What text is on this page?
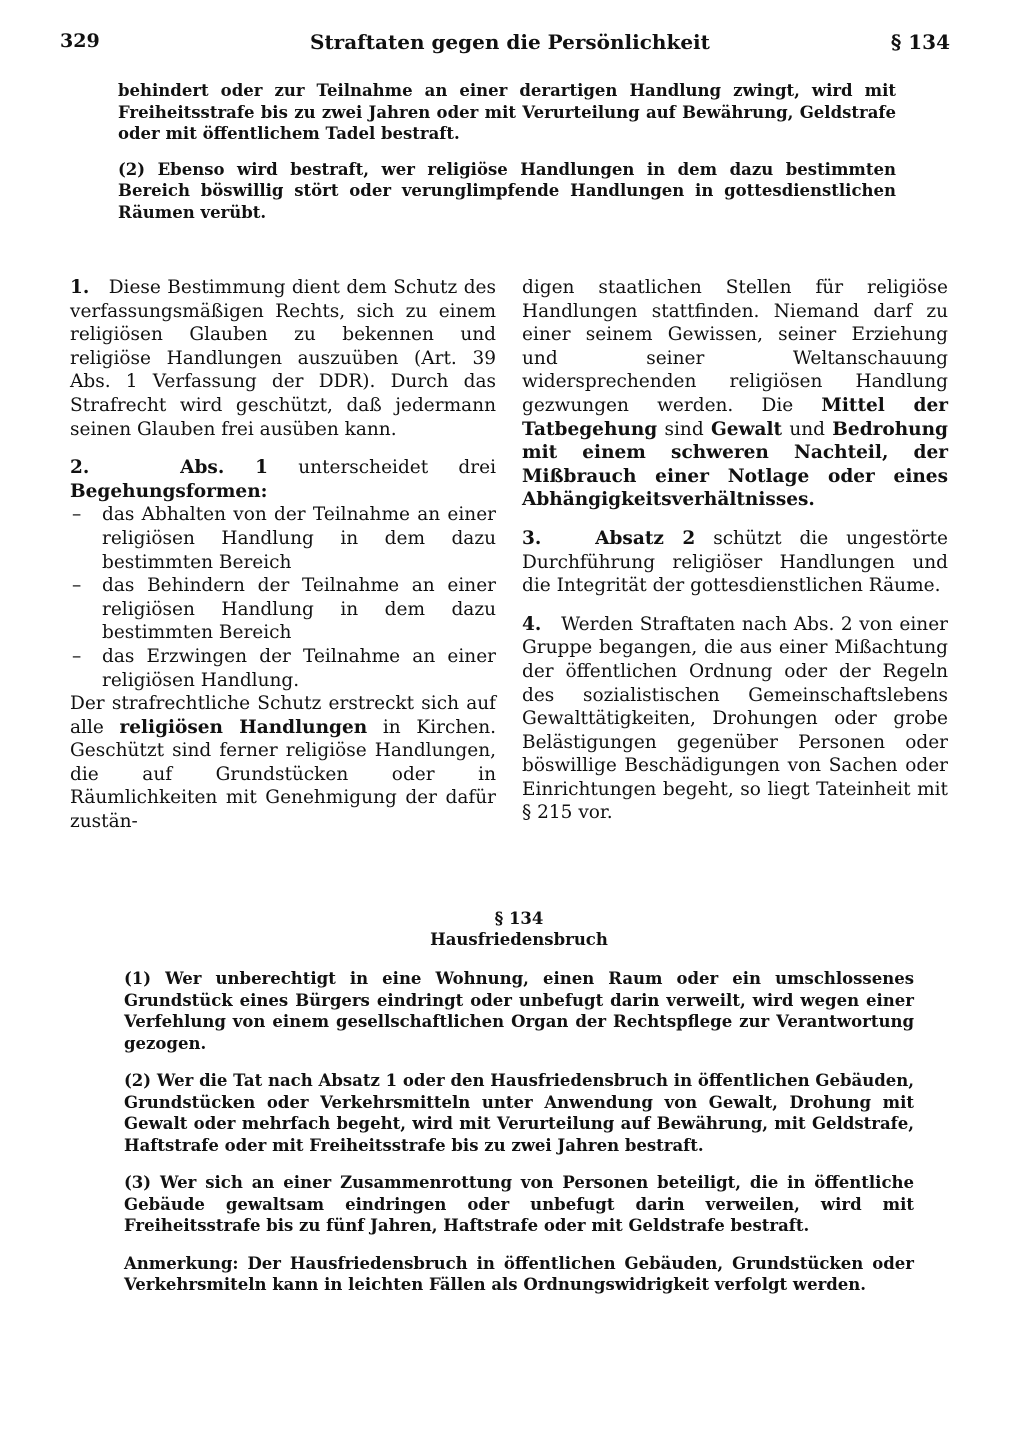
329	Straftaten gegen die Persönlichkeit	§ 134

behindert oder zur Teilnahme an einer derartigen Handlung zwingt, wird mit Freiheitsstrafe bis zu zwei Jahren oder mit Verurteilung auf Bewährung, Geldstrafe oder mit öffentlichem Tadel bestraft.

(2) Ebenso wird bestraft, wer religiöse Handlungen in dem dazu bestimmten Bereich böswillig stört oder verunglimpfende Handlungen in gottesdienstlichen Räumen verübt.

1. Diese Bestimmung dient dem Schutz des verfassungsmäßigen Rechts, sich zu einem religiösen Glauben zu bekennen und religiöse Handlungen auszuüben (Art. 39 Abs. 1 Verfassung der DDR). Durch das Strafrecht wird geschützt, daß jedermann seinen Glauben frei ausüben kann.

2.	Abs. 1 unterscheidet drei Begehungsformen:

– das Abhalten von der Teilnahme an einer religiösen Handlung in dem dazu bestimmten Bereich
– das Behindern der Teilnahme an einer religiösen Handlung in dem dazu bestimmten Bereich
– das Erzwingen der Teilnahme an einer religiösen Handlung.

Der strafrechtliche Schutz erstreckt sich auf alle religiösen Handlungen in Kirchen. Geschützt sind ferner religiöse Handlungen, die auf Grundstücken oder in Räumlichkeiten mit Genehmigung der dafür zustän-

digen staatlichen Stellen für religiöse Handlungen stattfinden. Niemand darf zu einer seinem Gewissen, seiner Erziehung und seiner Weltanschauung widersprechenden religiösen Handlung gezwungen werden. Die Mittel der Tatbegehung sind Gewalt und Bedrohung mit einem schweren Nachteil, der Mißbrauch einer Notlage oder eines Abhängigkeitsverhältnisses.

3.	Absatz 2 schützt die ungestörte Durchführung religiöser Handlungen und die Integrität der gottesdienstlichen Räume.

4. Werden Straftaten nach Abs. 2 von einer Gruppe begangen, die aus einer Mißachtung der öffentlichen Ordnung oder der Regeln des sozialistischen Gemeinschaftslebens Gewalttätigkeiten, Drohungen oder grobe Belästigungen gegenüber Personen oder böswillige Beschädigungen von Sachen oder Einrichtungen begeht, so liegt Tateinheit mit § 215 vor.

§ 134
Hausfriedensbruch

(1) Wer unberechtigt in eine Wohnung, einen Raum oder ein umschlossenes Grundstück eines Bürgers eindringt oder unbefugt darin verweilt, wird wegen einer Verfehlung von einem gesellschaftlichen Organ der Rechtspflege zur Verantwortung gezogen.

(2) Wer die Tat nach Absatz 1 oder den Hausfriedensbruch in öffentlichen Gebäuden, Grundstücken oder Verkehrsmitteln unter Anwendung von Gewalt, Drohung mit Gewalt oder mehrfach begeht, wird mit Verurteilung auf Bewährung, mit Geldstrafe, Haftstrafe oder mit Freiheitsstrafe bis zu zwei Jahren bestraft.

(3) Wer sich an einer Zusammenrottung von Personen beteiligt, die in öffentliche Gebäude gewaltsam eindringen oder unbefugt darin verweilen, wird mit Freiheitsstrafe bis zu fünf Jahren, Haftstrafe oder mit Geldstrafe bestraft.

Anmerkung: Der Hausfriedensbruch in öffentlichen Gebäuden, Grundstücken oder Verkehrsmiteln kann in leichten Fällen als Ordnungswidrigkeit verfolgt werden.
